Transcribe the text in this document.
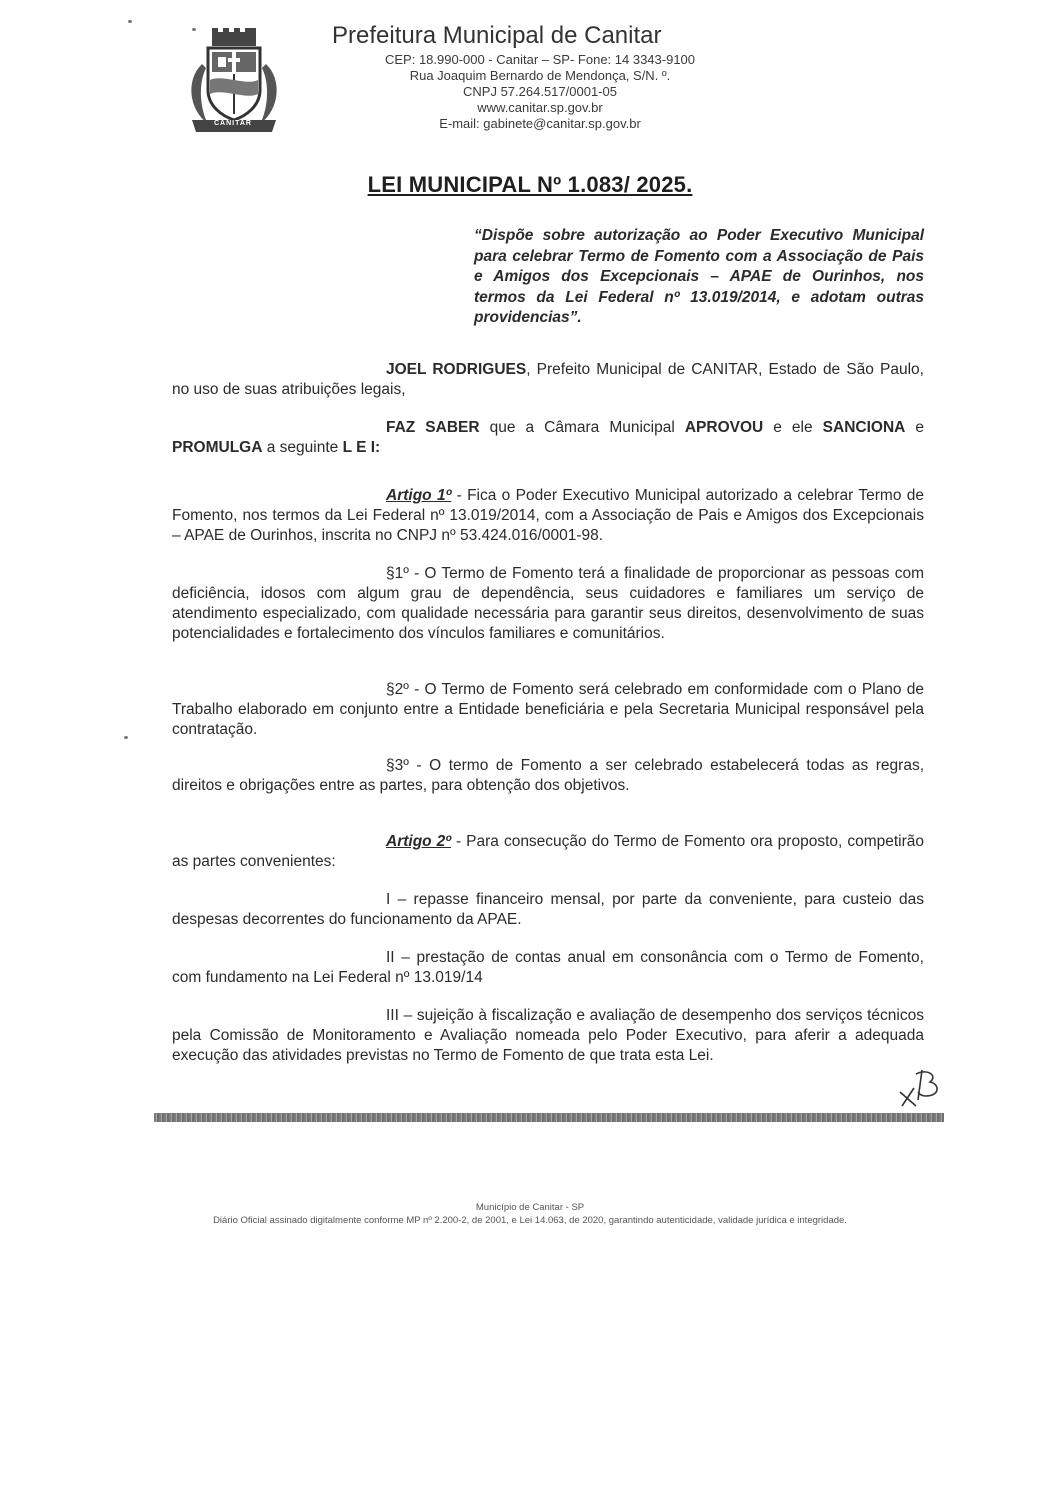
CANITAR
Prefeitura Municipal de Canitar
CEP: 18.990-000 - Canitar – SP- Fone: 14 3343-9100
Rua Joaquim Bernardo de Mendonça, S/N. º.
CNPJ 57.264.517/0001-05
www.canitar.sp.gov.br
E-mail: gabinete@canitar.sp.gov.br
LEI MUNICIPAL Nº 1.083/ 2025.
“Dispõe sobre autorização ao Poder Executivo Municipal para celebrar Termo de Fomento com a Associação de Pais e Amigos dos Excepcionais – APAE de Ourinhos, nos termos da Lei Federal nº 13.019/2014, e adotam outras providencias”.
JOEL RODRIGUES, Prefeito Municipal de CANITAR, Estado de São Paulo, no uso de suas atribuições legais,
FAZ SABER que a Câmara Municipal APROVOU e ele SANCIONA e PROMULGA a seguinte L E I:
Artigo 1º - Fica o Poder Executivo Municipal autorizado a celebrar Termo de Fomento, nos termos da Lei Federal nº 13.019/2014, com a Associação de Pais e Amigos dos Excepcionais – APAE de Ourinhos, inscrita no CNPJ nº 53.424.016/0001-98.
§1º - O Termo de Fomento terá a finalidade de proporcionar as pessoas com deficiência, idosos com algum grau de dependência, seus cuidadores e familiares um serviço de atendimento especializado, com qualidade necessária para garantir seus direitos, desenvolvimento de suas potencialidades e fortalecimento dos vínculos familiares e comunitários.
§2º - O Termo de Fomento será celebrado em conformidade com o Plano de Trabalho elaborado em conjunto entre a Entidade beneficiária e pela Secretaria Municipal responsável pela contratação.
§3º - O termo de Fomento a ser celebrado estabelecerá todas as regras, direitos e obrigações entre as partes, para obtenção dos objetivos.
Artigo 2º - Para consecução do Termo de Fomento ora proposto, competirão as partes convenientes:
I – repasse financeiro mensal, por parte da conveniente, para custeio das despesas decorrentes do funcionamento da APAE.
II – prestação de contas anual em consonância com o Termo de Fomento, com fundamento na Lei Federal nº 13.019/14
III – sujeição à fiscalização e avaliação de desempenho dos serviços técnicos pela Comissão de Monitoramento e Avaliação nomeada pelo Poder Executivo, para aferir a adequada execução das atividades previstas no Termo de Fomento de que trata esta Lei.
Município de Canitar - SP
Diário Oficial assinado digitalmente conforme MP nº 2.200-2, de 2001, e Lei 14.063, de 2020, garantindo autenticidade, validade jurídica e integridade.
